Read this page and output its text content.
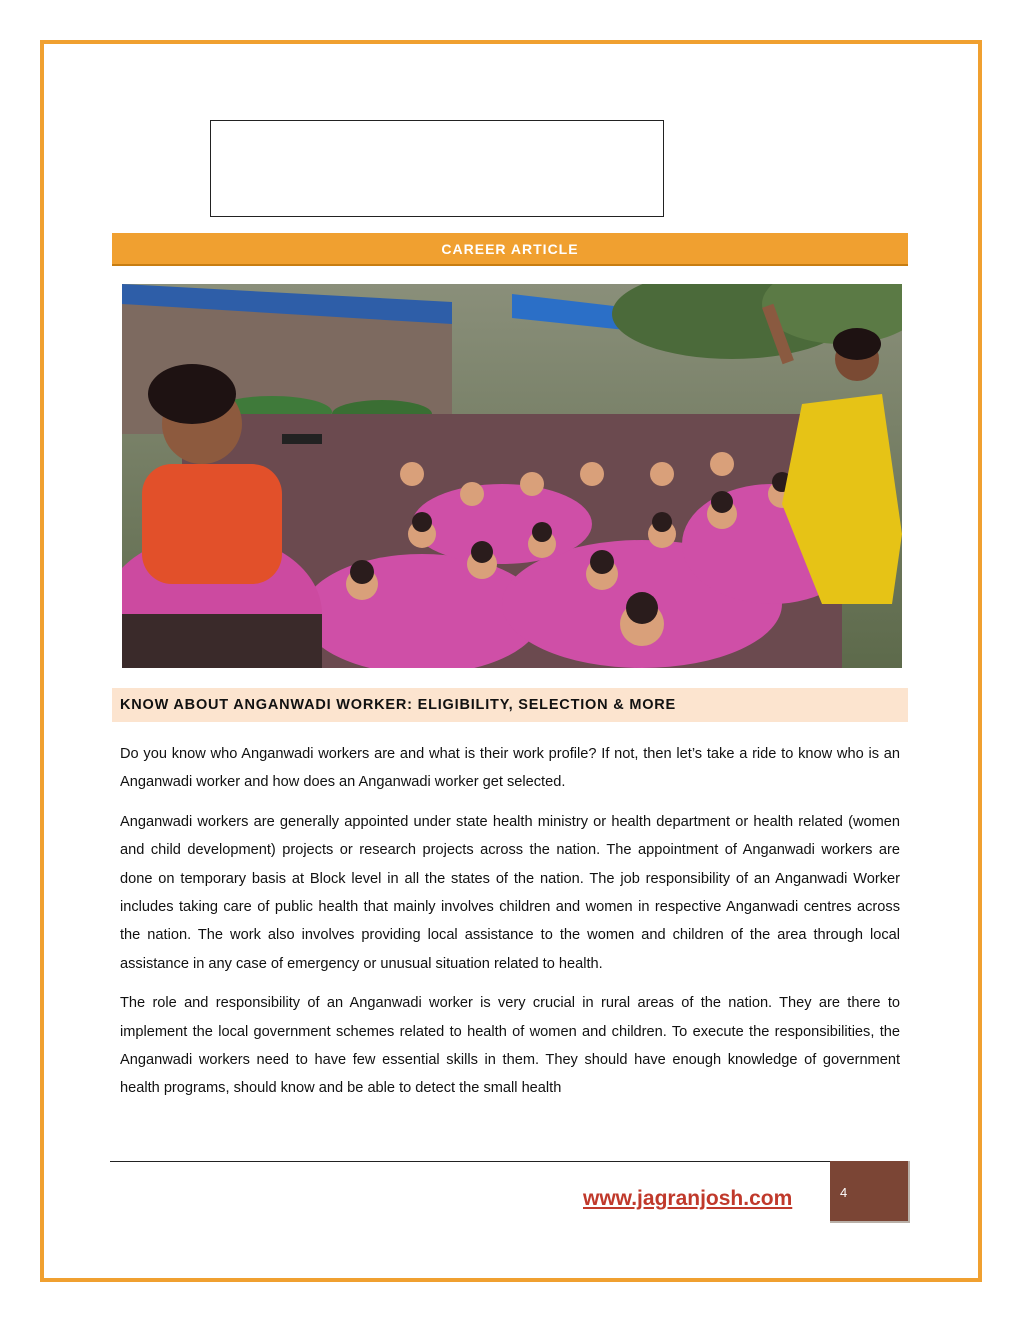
CAREER ARTICLE
KNOW ABOUT ANGANWADI WORKER: ELIGIBILITY, SELECTION & MORE

Do you know who Anganwadi workers are and what is their work profile? If not, then let’s take a ride to know who is an Anganwadi worker and how does an Anganwadi worker get selected.

Anganwadi workers are generally appointed under state health ministry or health department or health related (women and child development) projects or research projects across the nation. The appointment of Anganwadi workers are done on temporary basis at Block level in all the states of the nation. The job responsibility of an Anganwadi Worker includes taking care of public health that mainly involves children and women in respective Anganwadi centres across the nation. The work also involves providing local assistance to the women and children of the area through local assistance in any case of emergency or unusual situation related to health.

The role and responsibility of an Anganwadi worker is very crucial in rural areas of the nation. They are there to implement the local government schemes related to health of women and children. To execute the responsibilities, the Anganwadi workers need to have few essential skills in them. They should have enough knowledge of government health programs, should know and be able to detect the small health

www.jagranjosh.com	4
